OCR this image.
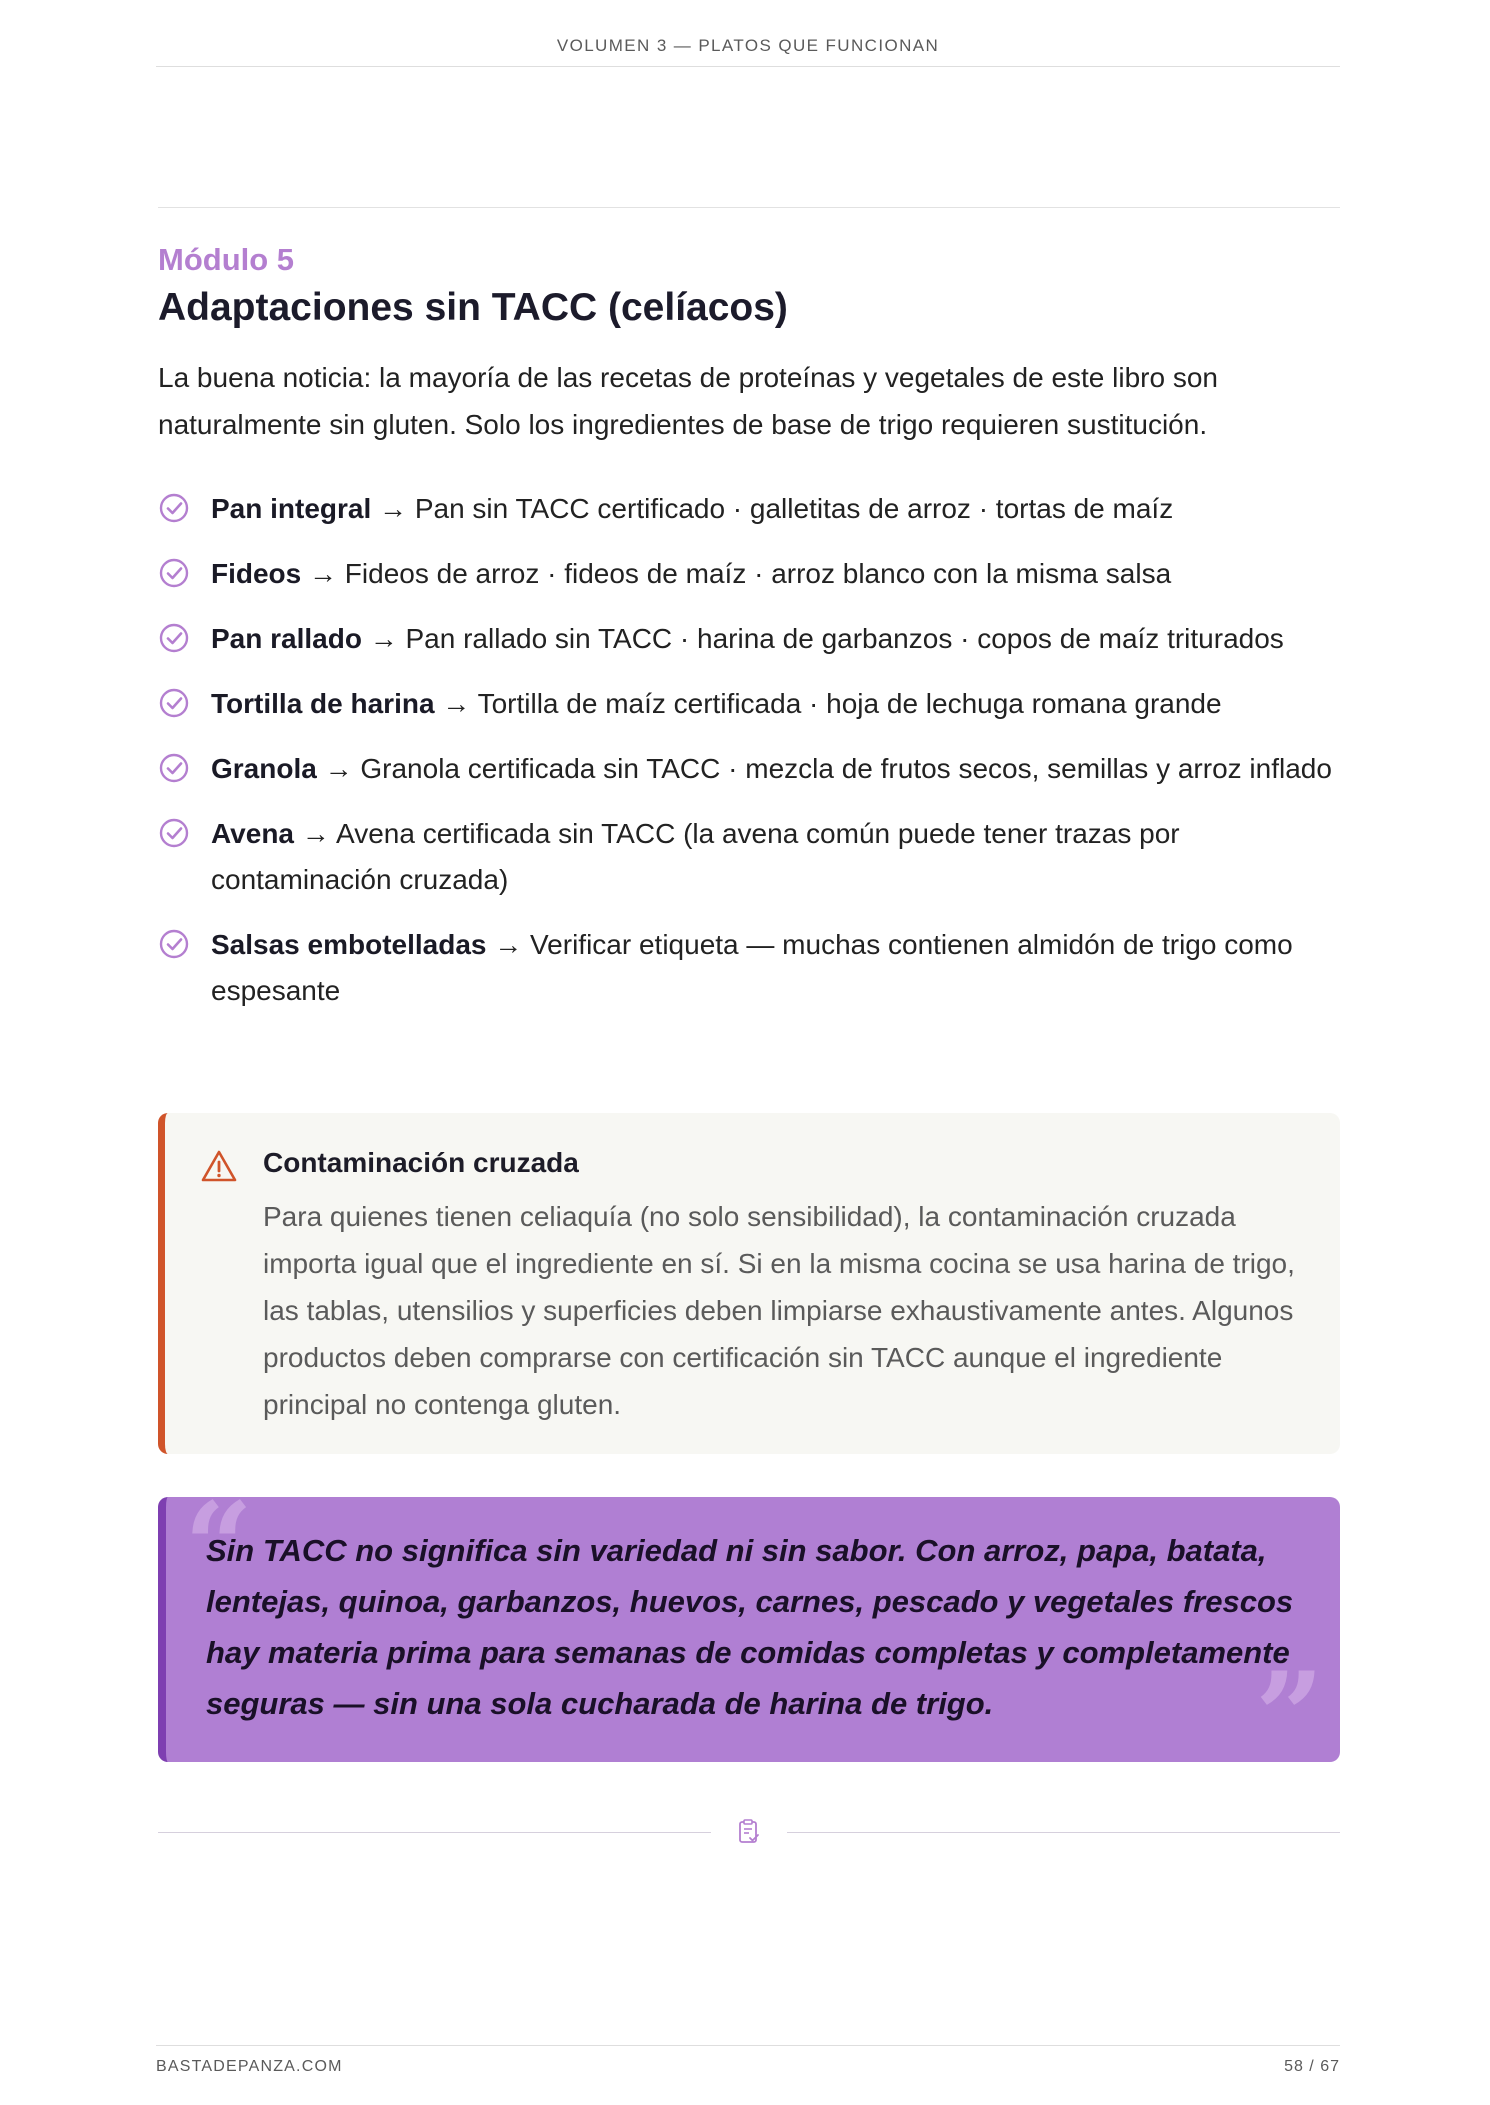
VOLUMEN 3 — PLATOS QUE FUNCIONAN
Módulo 5
Adaptaciones sin TACC (celíacos)

La buena noticia: la mayoría de las recetas de proteínas y vegetales de este libro son naturalmente sin gluten. Solo los ingredientes de base de trigo requieren sustitución.

Pan integral → Pan sin TACC certificado · galletitas de arroz · tortas de maíz
Fideos → Fideos de arroz · fideos de maíz · arroz blanco con la misma salsa
Pan rallado → Pan rallado sin TACC · harina de garbanzos · copos de maíz triturados
Tortilla de harina → Tortilla de maíz certificada · hoja de lechuga romana grande
Granola → Granola certificada sin TACC · mezcla de frutos secos, semillas y arroz inflado
Avena → Avena certificada sin TACC (la avena común puede tener trazas por contaminación cruzada)
Salsas embotelladas → Verificar etiqueta — muchas contienen almidón de trigo como espesante
Contaminación cruzada

Para quienes tienen celiaquía (no solo sensibilidad), la contaminación cruzada importa igual que el ingrediente en sí. Si en la misma cocina se usa harina de trigo, las tablas, utensilios y superficies deben limpiarse exhaustivamente antes. Algunos productos deben comprarse con certificación sin TACC aunque el ingrediente principal no contenga gluten.

“
”

Sin TACC no significa sin variedad ni sin sabor. Con arroz, papa, batata, lentejas, quinoa, garbanzos, huevos, carnes, pescado y vegetales frescos hay materia prima para semanas de comidas completas y completamente seguras — sin una sola cucharada de harina de trigo.

BASTADEPANZA.COM	58 / 67
